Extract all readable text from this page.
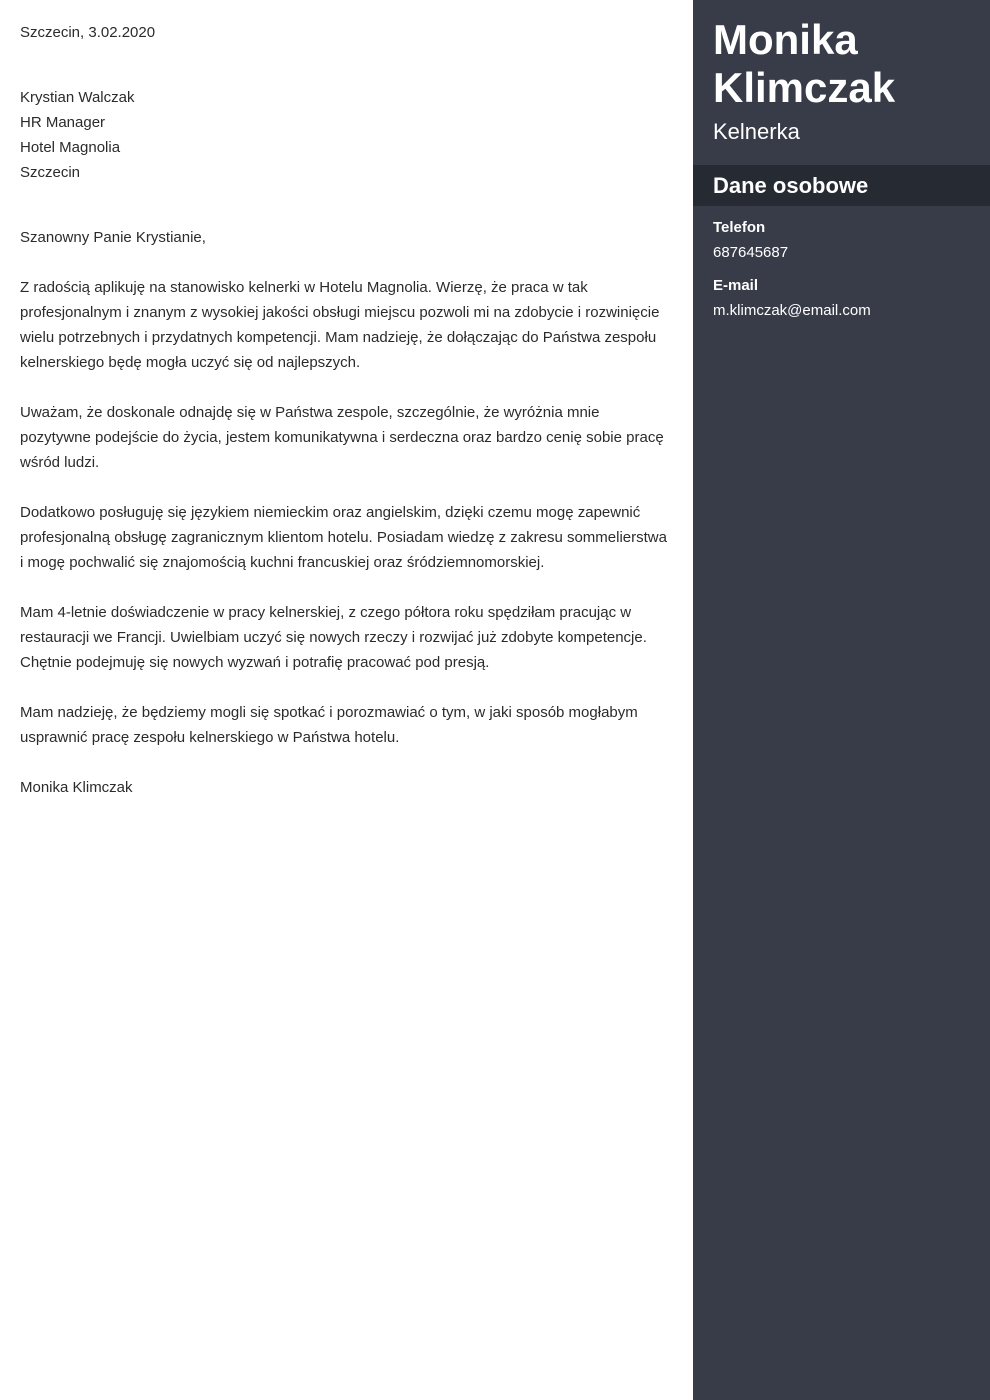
Szczecin, 3.02.2020
Krystian Walczak
HR Manager
Hotel Magnolia
Szczecin
Szanowny Panie Krystianie,

Z radością aplikuję na stanowisko kelnerki w Hotelu Magnolia. Wierzę, że praca w tak profesjonalnym i znanym z wysokiej jakości obsługi miejscu pozwoli mi na zdobycie i rozwinięcie wielu potrzebnych i przydatnych kompetencji. Mam nadzieję, że dołączając do Państwa zespołu kelnerskiego będę mogła uczyć się od najlepszych.

Uważam, że doskonale odnajdę się w Państwa zespole, szczególnie, że wyróżnia mnie pozytywne podejście do życia, jestem komunikatywna i serdeczna oraz bardzo cenię sobie pracę wśród ludzi.

Dodatkowo posługuję się językiem niemieckim oraz angielskim, dzięki czemu mogę zapewnić profesjonalną obsługę zagranicznym klientom hotelu. Posiadam wiedzę z zakresu sommelierstwa i mogę pochwalić się znajomością kuchni francuskiej oraz śródziemnomorskiej.

Mam 4-letnie doświadczenie w pracy kelnerskiej, z czego półtora roku spędziłam pracując w restauracji we Francji. Uwielbiam uczyć się nowych rzeczy i rozwijać już zdobyte kompetencje. Chętnie podejmuję się nowych wyzwań i potrafię pracować pod presją.

Mam nadzieję, że będziemy mogli się spotkać i porozmawiać o tym, w jaki sposób mogłabym usprawnić pracę zespołu kelnerskiego w Państwa hotelu.

Monika Klimczak
Monika
Klimczak
Kelnerka
Dane osobowe
Telefon
687645687
E-mail
m.klimczak@email.com
